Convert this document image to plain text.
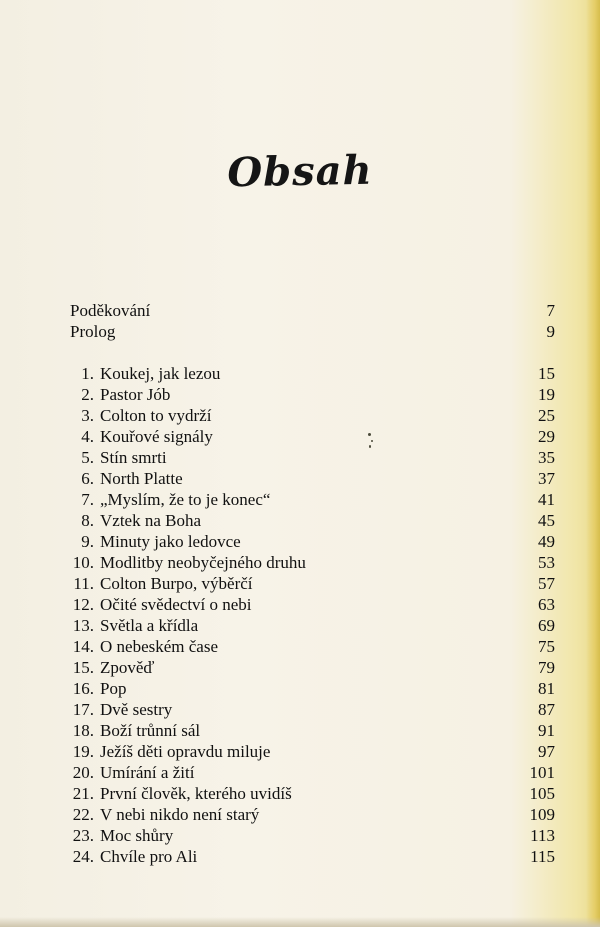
Obsah
Poděkování	7
Prolog	9
1. Koukej, jak lezou	15
2. Pastor Jób	19
3. Colton to vydrží	25
4. Kouřové signály	29
5. Stín smrti	35
6. North Platte	37
7. „Myslím, že to je konec“	41
8. Vztek na Boha	45
9. Minuty jako ledovce	49
10. Modlitby neobyčejného druhu	53
11. Colton Burpo, výběrčí	57
12. Očité svědectví o nebi	63
13. Světla a křídla	69
14. O nebeském čase	75
15. Zpověď	79
16. Pop	81
17. Dvě sestry	87
18. Boží trůnní sál	91
19. Ježíš děti opravdu miluje	97
20. Umírání a žití	101
21. První člověk, kterého uvidíš	105
22. V nebi nikdo není starý	109
23. Moc shůry	113
24. Chvíle pro Ali	115
